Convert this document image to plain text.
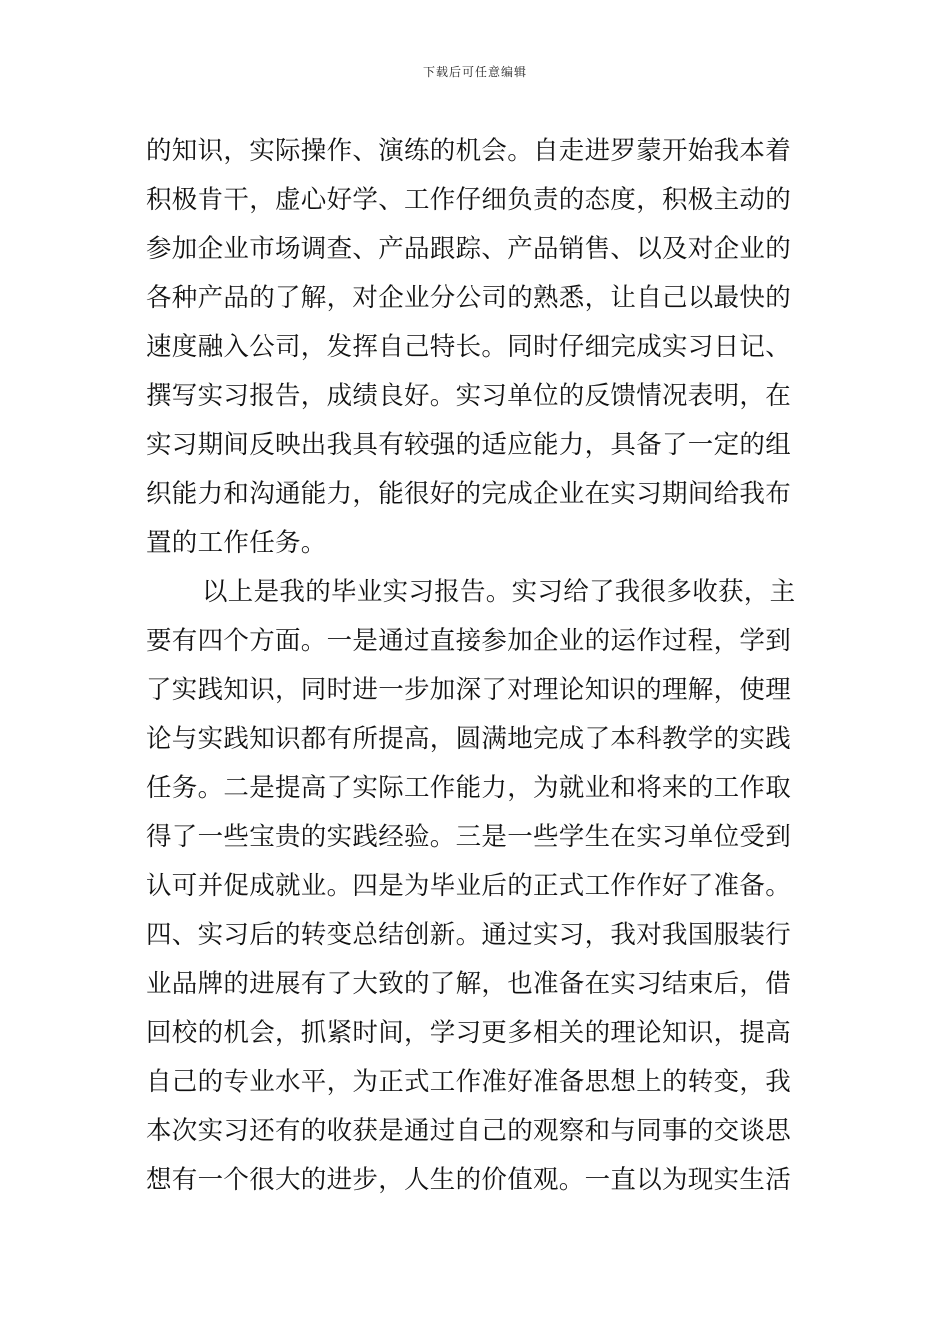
下载后可任意编辑
的知识，实际操作、演练的机会。自走进罗蒙开始我本着
积极肯干，虚心好学、工作仔细负责的态度，积极主动的
参加企业市场调查、产品跟踪、产品销售、以及对企业的
各种产品的了解，对企业分公司的熟悉，让自己以最快的
速度融入公司，发挥自己特长。同时仔细完成实习日记、
撰写实习报告，成绩良好。实习单位的反馈情况表明，在
实习期间反映出我具有较强的适应能力，具备了一定的组
织能力和沟通能力，能很好的完成企业在实习期间给我布
置的工作任务。
以上是我的毕业实习报告。实习给了我很多收获，主
要有四个方面。一是通过直接参加企业的运作过程，学到
了实践知识，同时进一步加深了对理论知识的理解，使理
论与实践知识都有所提高，圆满地完成了本科教学的实践
任务。二是提高了实际工作能力，为就业和将来的工作取
得了一些宝贵的实践经验。三是一些学生在实习单位受到
认可并促成就业。四是为毕业后的正式工作作好了准备。
四、实习后的转变总结创新。通过实习，我对我国服装行
业品牌的进展有了大致的了解，也准备在实习结束后，借
回校的机会，抓紧时间，学习更多相关的理论知识，提高
自己的专业水平，为正式工作准好准备思想上的转变，我
本次实习还有的收获是通过自己的观察和与同事的交谈思
想有一个很大的进步，人生的价值观。一直以为现实生活
